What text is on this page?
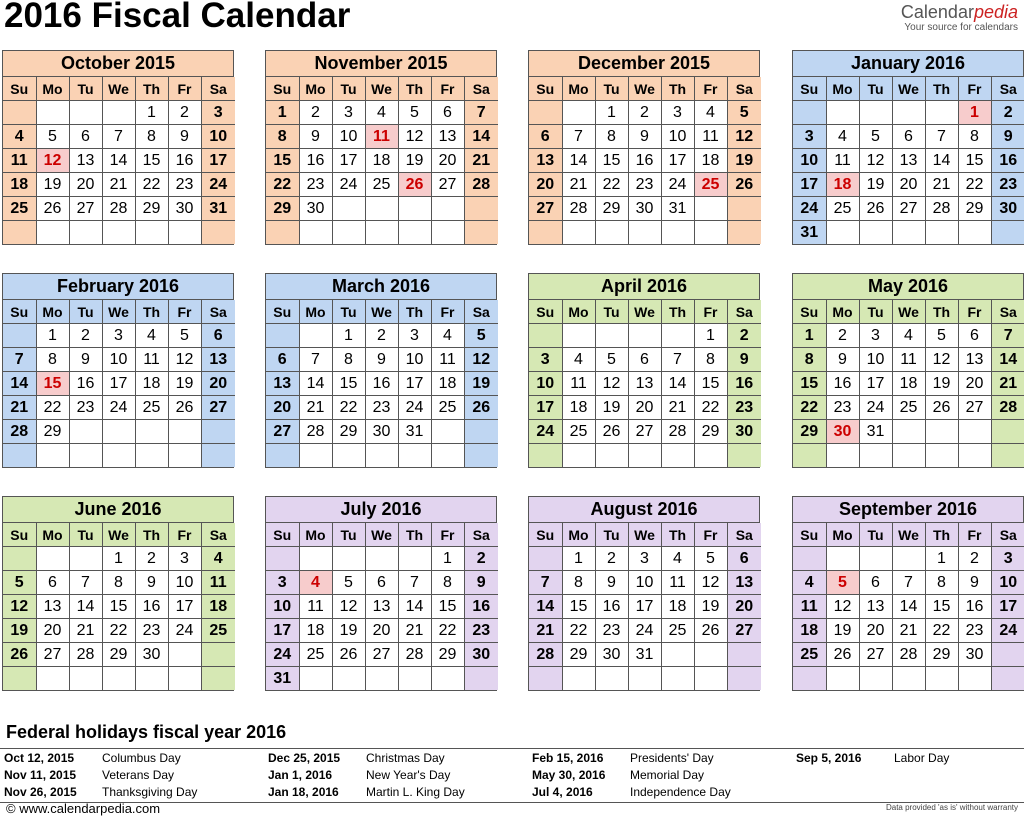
2016 Fiscal Calendar	Calendarpedia
Your source for calendars
October 2015
Su	Mo	Tu	We	Th	Fr	Sa
				1	2	3
4	5	6	7	8	9	10
11	12	13	14	15	16	17
18	19	20	21	22	23	24
25	26	27	28	29	30	31

November 2015
Su	Mo	Tu	We	Th	Fr	Sa
1	2	3	4	5	6	7
8	9	10	11	12	13	14
15	16	17	18	19	20	21
22	23	24	25	26	27	28
29	30					

December 2015
Su	Mo	Tu	We	Th	Fr	Sa
		1	2	3	4	5
6	7	8	9	10	11	12
13	14	15	16	17	18	19
20	21	22	23	24	25	26
27	28	29	30	31		

January 2016
Su	Mo	Tu	We	Th	Fr	Sa
					1	2
3	4	5	6	7	8	9
10	11	12	13	14	15	16
17	18	19	20	21	22	23
24	25	26	27	28	29	30
31						
February 2016
Su	Mo	Tu	We	Th	Fr	Sa
	1	2	3	4	5	6
7	8	9	10	11	12	13
14	15	16	17	18	19	20
21	22	23	24	25	26	27
28	29					

March 2016
Su	Mo	Tu	We	Th	Fr	Sa
		1	2	3	4	5
6	7	8	9	10	11	12
13	14	15	16	17	18	19
20	21	22	23	24	25	26
27	28	29	30	31		

April 2016
Su	Mo	Tu	We	Th	Fr	Sa
					1	2
3	4	5	6	7	8	9
10	11	12	13	14	15	16
17	18	19	20	21	22	23
24	25	26	27	28	29	30

May 2016
Su	Mo	Tu	We	Th	Fr	Sa
1	2	3	4	5	6	7
8	9	10	11	12	13	14
15	16	17	18	19	20	21
22	23	24	25	26	27	28
29	30	31				

June 2016
Su	Mo	Tu	We	Th	Fr	Sa
			1	2	3	4
5	6	7	8	9	10	11
12	13	14	15	16	17	18
19	20	21	22	23	24	25
26	27	28	29	30		

July 2016
Su	Mo	Tu	We	Th	Fr	Sa
					1	2
3	4	5	6	7	8	9
10	11	12	13	14	15	16
17	18	19	20	21	22	23
24	25	26	27	28	29	30
31						
August 2016
Su	Mo	Tu	We	Th	Fr	Sa
	1	2	3	4	5	6
7	8	9	10	11	12	13
14	15	16	17	18	19	20
21	22	23	24	25	26	27
28	29	30	31			

September 2016
Su	Mo	Tu	We	Th	Fr	Sa
				1	2	3
4	5	6	7	8	9	10
11	12	13	14	15	16	17
18	19	20	21	22	23	24
25	26	27	28	29	30	

Federal holidays fiscal year 2016
Oct 12, 2015 Columbus Day
Nov 11, 2015 Veterans Day
Nov 26, 2015 Thanksgiving Day
Dec 25, 2015 Christmas Day
Jan 1, 2016	New Year's Day
Jan 18, 2016 Martin L. King Day
Feb 15, 2016 Presidents' Day
May 30, 2016 Memorial Day
Jul 4, 2016	Independence Day
Sep 5, 2016	Labor Day
© www.calendarpedia.com	Data provided 'as is' without warranty
